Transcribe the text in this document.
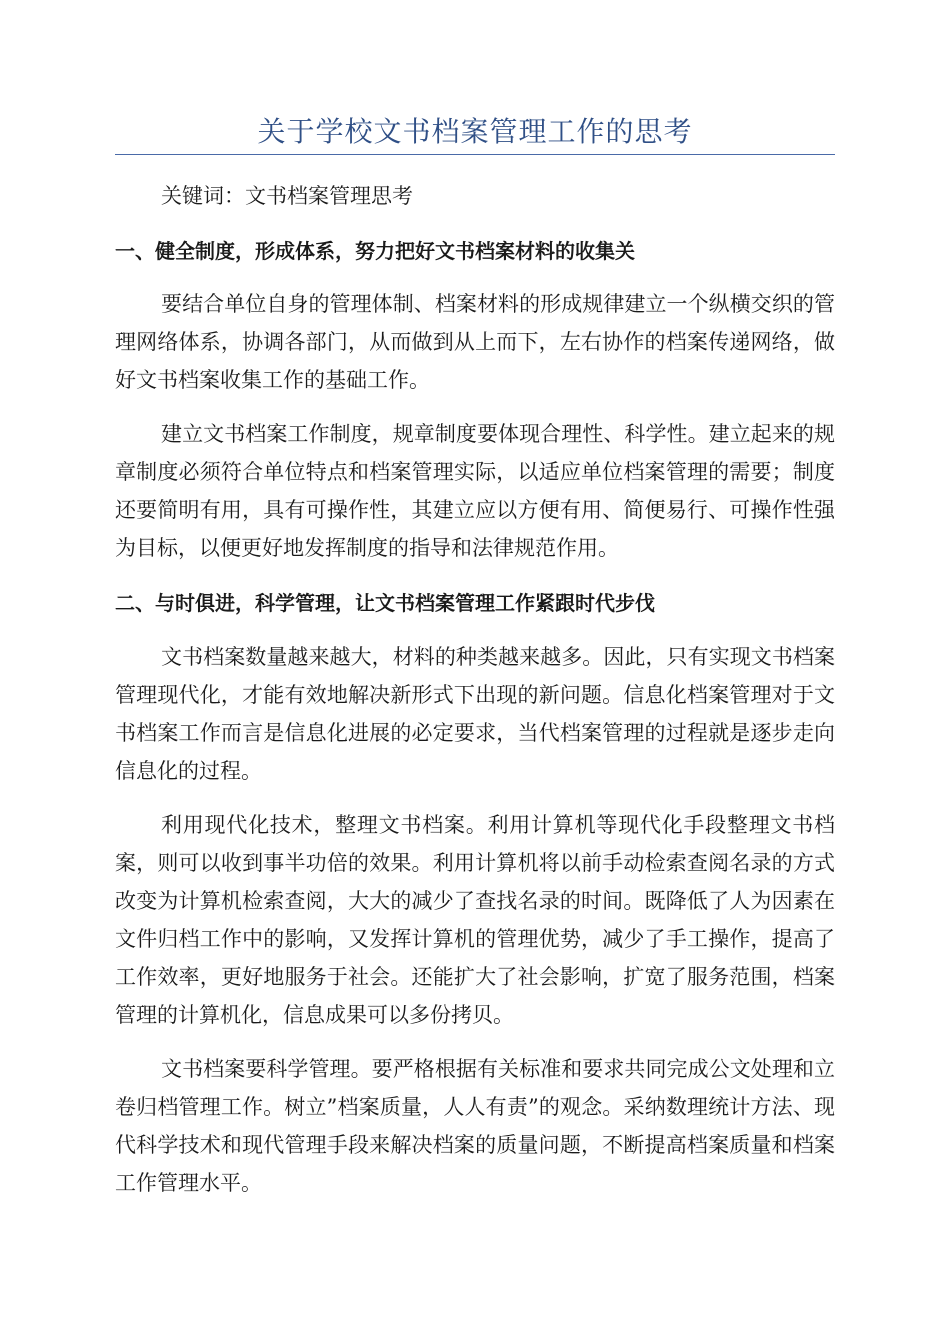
关于学校文书档案管理工作的思考
关键词：文书档案管理思考
一、健全制度，形成体系，努力把好文书档案材料的收集关
要结合单位自身的管理体制、档案材料的形成规律建立一个纵横交织的管理网络体系，协调各部门，从而做到从上而下，左右协作的档案传递网络，做好文书档案收集工作的基础工作。
建立文书档案工作制度，规章制度要体现合理性、科学性。建立起来的规章制度必须符合单位特点和档案管理实际，以适应单位档案管理的需要；制度还要简明有用，具有可操作性，其建立应以方便有用、简便易行、可操作性强为目标，以便更好地发挥制度的指导和法律规范作用。
二、与时俱进，科学管理，让文书档案管理工作紧跟时代步伐
文书档案数量越来越大，材料的种类越来越多。因此，只有实现文书档案管理现代化，才能有效地解决新形式下出现的新问题。信息化档案管理对于文书档案工作而言是信息化进展的必定要求，当代档案管理的过程就是逐步走向信息化的过程。
利用现代化技术，整理文书档案。利用计算机等现代化手段整理文书档案，则可以收到事半功倍的效果。利用计算机将以前手动检索查阅名录的方式改变为计算机检索查阅，大大的减少了查找名录的时间。既降低了人为因素在文件归档工作中的影响，又发挥计算机的管理优势，减少了手工操作，提高了工作效率，更好地服务于社会。还能扩大了社会影响，扩宽了服务范围，档案管理的计算机化，信息成果可以多份拷贝。
文书档案要科学管理。要严格根据有关标准和要求共同完成公文处理和立卷归档管理工作。树立”档案质量，人人有责”的观念。采纳数理统计方法、现代科学技术和现代管理手段来解决档案的质量问题，不断提高档案质量和档案工作管理水平。
